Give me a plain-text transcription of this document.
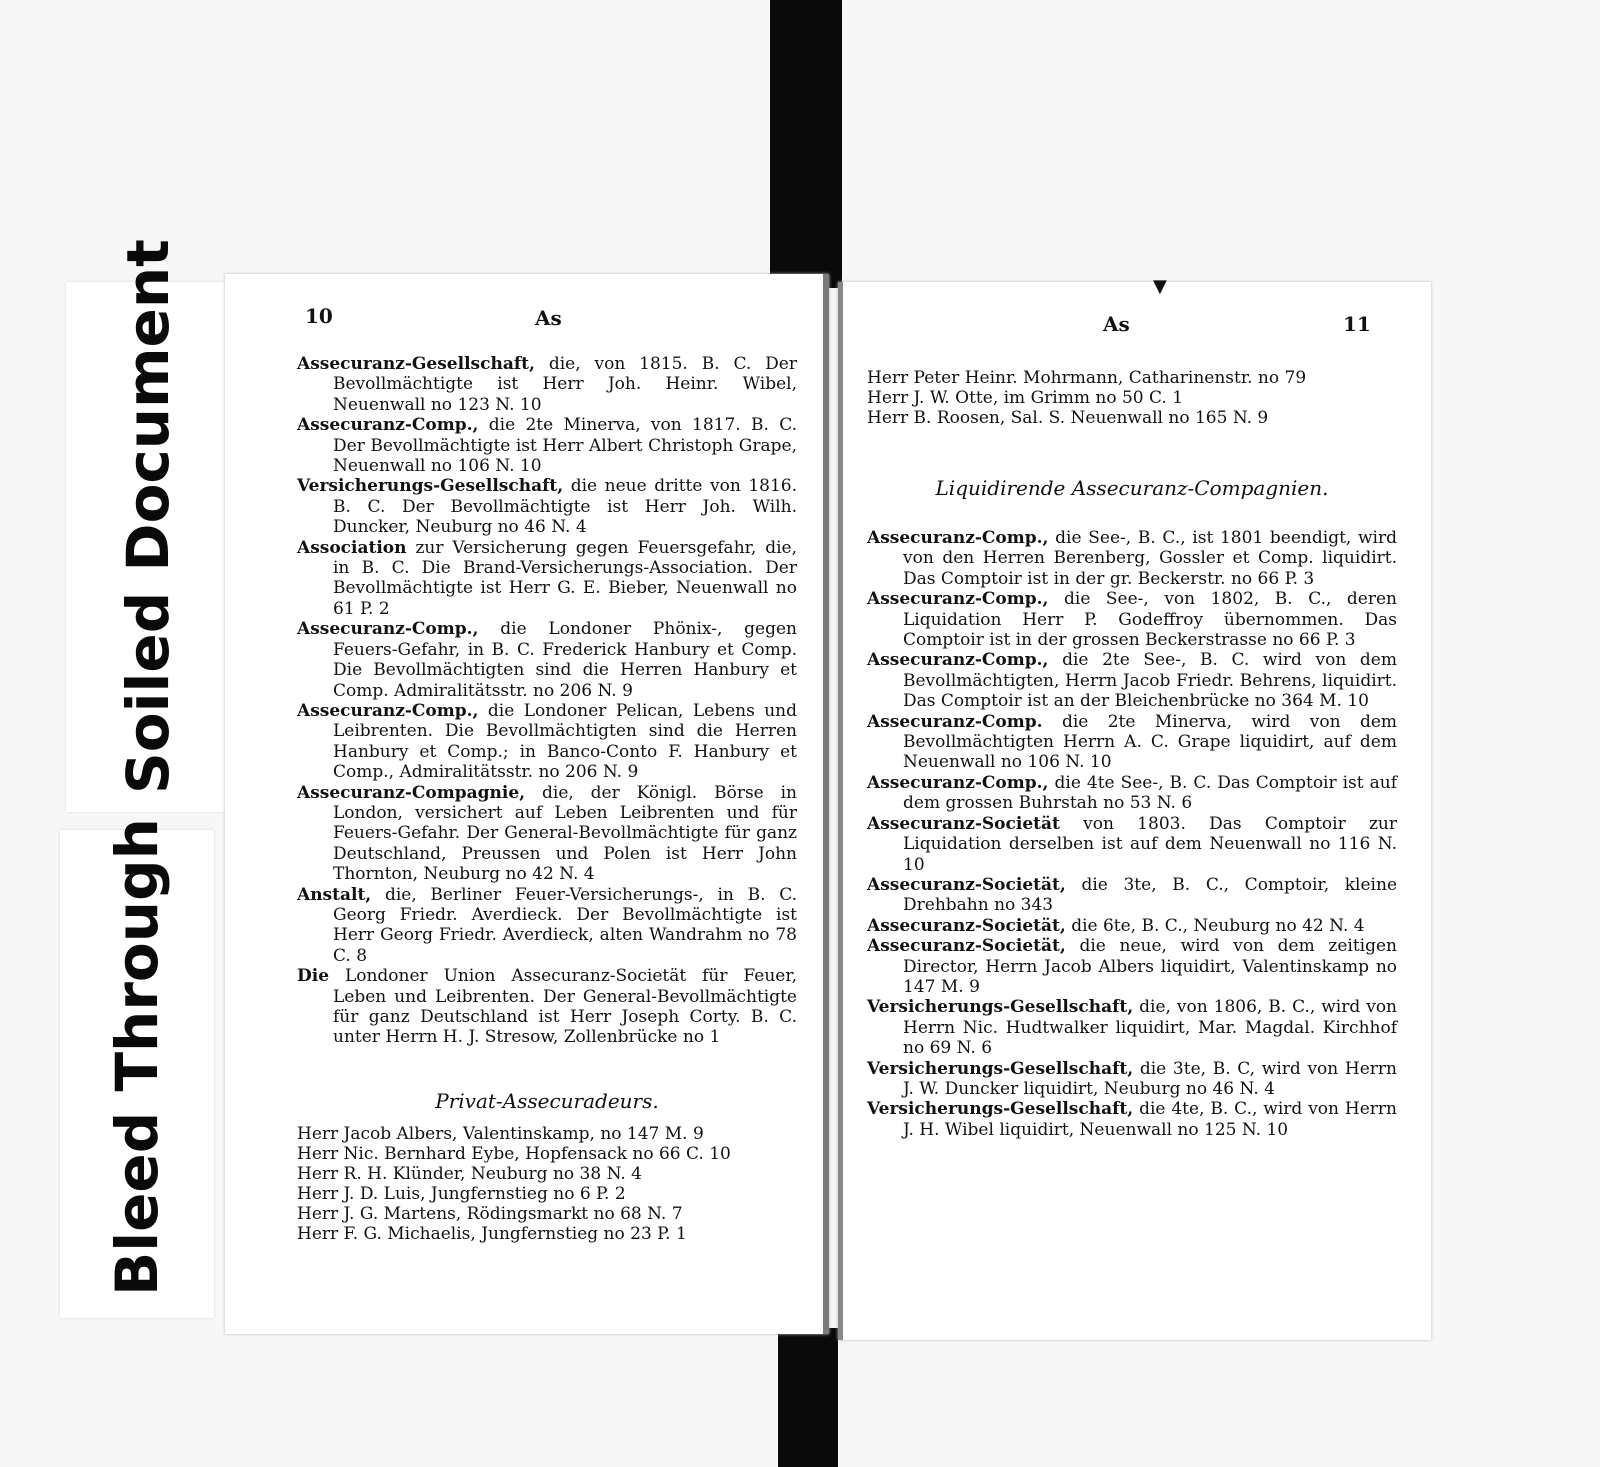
Soiled Document
Bleed Through
10	As

Assecuranz-Gesellschaft, die, von 1815. B. C. Der Bevollmächtigte ist Herr Joh. Heinr. Wibel, Neuenwall no 123 N. 10

Assecuranz-Comp., die 2te Minerva, von 1817. B. C. Der Bevollmächtigte ist Herr Albert Christoph Grape, Neuenwall no 106 N. 10

Versicherungs-Gesellschaft, die neue dritte von 1816. B. C. Der Bevollmächtigte ist Herr Joh. Wilh. Duncker, Neuburg no 46 N. 4

Association zur Versicherung gegen Feuersgefahr, die, in B. C. Die Brand-Versicherungs-Association. Der Bevollmächtigte ist Herr G. E. Bieber, Neuenwall no 61 P. 2

Assecuranz-Comp., die Londoner Phönix-, gegen Feuers-Gefahr, in B. C. Frederick Hanbury et Comp. Die Bevollmächtigten sind die Herren Hanbury et Comp. Admiralitätsstr. no 206 N. 9

Assecuranz-Comp., die Londoner Pelican, Lebens und Leibrenten. Die Bevollmächtigten sind die Herren Hanbury et Comp.; in Banco-Conto F. Hanbury et Comp., Admiralitätsstr. no 206 N. 9

Assecuranz-Compagnie, die, der Königl. Börse in London, versichert auf Leben Leibrenten und für Feuers-Gefahr. Der General-Bevollmächtigte für ganz Deutschland, Preussen und Polen ist Herr John Thornton, Neuburg no 42 N. 4

Anstalt, die, Berliner Feuer-Versicherungs-, in B. C. Georg Friedr. Averdieck. Der Bevollmächtigte ist Herr Georg Friedr. Averdieck, alten Wandrahm no 78 C. 8

Die Londoner Union Assecuranz-Societät für Feuer, Leben und Leibrenten. Der General-Bevollmächtigte für ganz Deutschland ist Herr Joseph Corty. B. C. unter Herrn H. J. Stresow, Zollenbrücke no 1

Privat-Assecuradeurs.

Herr Jacob Albers, Valentinskamp, no 147 M. 9

Herr Nic. Bernhard Eybe, Hopfensack no 66 C. 10

Herr R. H. Klünder, Neuburg no 38 N. 4

Herr J. D. Luis, Jungfernstieg no 6 P. 2

Herr J. G. Martens, Rödingsmarkt no 68 N. 7

Herr F. G. Michaelis, Jungfernstieg no 23 P. 1

▼
As	11

Herr Peter Heinr. Mohrmann, Catharinenstr. no 79

Herr J. W. Otte, im Grimm no 50 C. 1

Herr B. Roosen, Sal. S. Neuenwall no 165 N. 9

Liquidirende Assecuranz-Compagnien.

Assecuranz-Comp., die See-, B. C., ist 1801 beendigt, wird von den Herren Berenberg, Gossler et Comp. liquidirt. Das Comptoir ist in der gr. Beckerstr. no 66 P. 3

Assecuranz-Comp., die See-, von 1802, B. C., deren Liquidation Herr P. Godeffroy übernommen. Das Comptoir ist in der grossen Beckerstrasse no 66 P. 3

Assecuranz-Comp., die 2te See-, B. C. wird von dem Bevollmächtigten, Herrn Jacob Friedr. Behrens, liquidirt. Das Comptoir ist an der Bleichenbrücke no 364 M. 10

Assecuranz-Comp. die 2te Minerva, wird von dem Bevollmächtigten Herrn A. C. Grape liquidirt, auf dem Neuenwall no 106 N. 10

Assecuranz-Comp., die 4te See-, B. C. Das Comptoir ist auf dem grossen Buhrstah no 53 N. 6

Assecuranz-Societät von 1803. Das Comptoir zur Liquidation derselben ist auf dem Neuenwall no 116 N. 10

Assecuranz-Societät, die 3te, B. C., Comptoir, kleine Drehbahn no 343

Assecuranz-Societät, die 6te, B. C., Neuburg no 42 N. 4

Assecuranz-Societät, die neue, wird von dem zeitigen Director, Herrn Jacob Albers liquidirt, Valentinskamp no 147 M. 9

Versicherungs-Gesellschaft, die, von 1806, B. C., wird von Herrn Nic. Hudtwalker liquidirt, Mar. Magdal. Kirchhof no 69 N. 6

Versicherungs-Gesellschaft, die 3te, B. C, wird von Herrn J. W. Duncker liquidirt, Neuburg no 46 N. 4

Versicherungs-Gesellschaft, die 4te, B. C., wird von Herrn J. H. Wibel liquidirt, Neuenwall no 125 N. 10
